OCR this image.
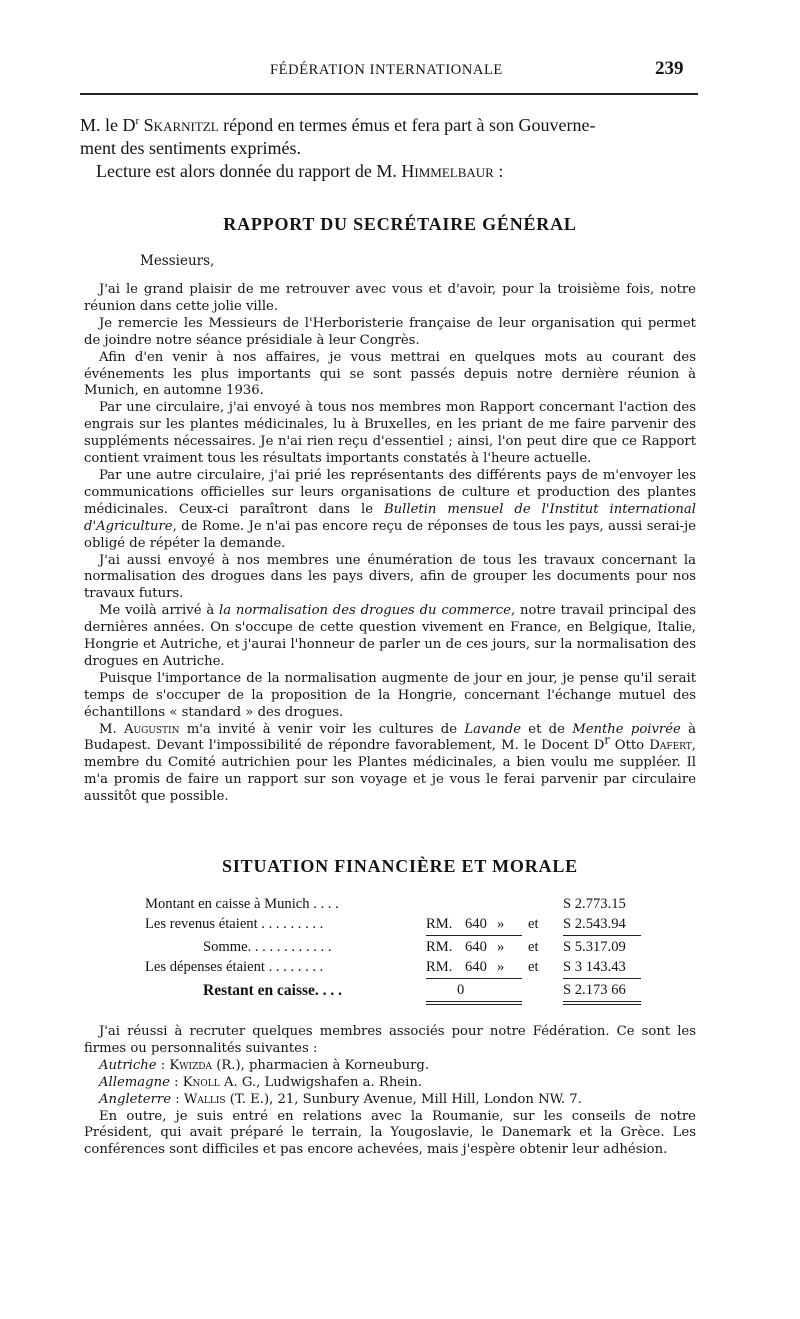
FÉDÉRATION INTERNATIONALE	239
M. le $D^r$ Skarnitzl répond en termes émus et fera part à son Gouverne-
ment des sentiments exprimés.
Lecture est alors donnée du rapport de M. Himmelbaur :
RAPPORT DU SECRÉTAIRE GÉNÉRAL
Messieurs,

J'ai le grand plaisir de me retrouver avec vous et d'avoir, pour la troisième fois, notre réunion dans cette jolie ville.

Je remercie les Messieurs de l'Herboristerie française de leur organisation qui permet de joindre notre séance présidiale à leur Congrès.

Afin d'en venir à nos affaires, je vous mettrai en quelques mots au courant des événements les plus importants qui se sont passés depuis notre dernière réunion à Munich, en automne 1936.

Par une circulaire, j'ai envoyé à tous nos membres mon Rapport concernant l'action des engrais sur les plantes médicinales, lu à Bruxelles, en les priant de me faire parvenir des suppléments nécessaires. Je n'ai rien reçu d'essentiel ; ainsi, l'on peut dire que ce Rapport contient vraiment tous les résultats importants constatés à l'heure actuelle.

Par une autre circulaire, j'ai prié les représentants des différents pays de m'envoyer les communications officielles sur leurs organisations de culture et production des plantes médicinales. Ceux-ci paraîtront dans le Bulletin mensuel de l'Institut international d'Agriculture, de Rome. Je n'ai pas encore reçu de réponses de tous les pays, aussi serai-je obligé de répéter la demande.

J'ai aussi envoyé à nos membres une énumération de tous les travaux concernant la normalisation des drogues dans les pays divers, afin de grouper les documents pour nos travaux futurs.

Me voilà arrivé à la normalisation des drogues du commerce, notre travail principal des dernières années. On s'occupe de cette question vivement en France, en Belgique, Italie, Hongrie et Autriche, et j'aurai l'honneur de parler un de ces jours, sur la normalisation des drogues en Autriche.

Puisque l'importance de la normalisation augmente de jour en jour, je pense qu'il serait temps de s'occuper de la proposition de la Hongrie, concernant l'échange mutuel des échantillons « standard » des drogues.

M. Augustin m'a invité à venir voir les cultures de Lavande et de Menthe poivrée à Budapest. Devant l'impossibilité de répondre favorablement, M. le Docent $D^r$ Otto Dafert, membre du Comité autrichien pour les Plantes médicinales, a bien voulu me suppléer. Il m'a promis de faire un rapport sur son voyage et je vous le ferai parvenir par circulaire aussitôt que possible.

SITUATION FINANCIÈRE ET MORALE
Montant en caisse à Munich . . . .	S 2.773.15
Les revenus étaient . . . . . . . . .	RM. 640 » et S 2.543.94
Somme. . . . . . . . . . . .	RM. 640 » et S 5.317.09
Les dépenses étaient . . . . . . . .	RM. 640 » et S 3 143.43
Restant en caisse. . . .	0	S 2.173 66

J'ai réussi à recruter quelques membres associés pour notre Fédération. Ce sont les firmes ou personnalités suivantes :

Autriche : Kwizda (R.), pharmacien à Korneuburg.

Allemagne : Knoll A. G., Ludwigshafen a. Rhein.

Angleterre : Wallis (T. E.), 21, Sunbury Avenue, Mill Hill, London NW. 7.

En outre, je suis entré en relations avec la Roumanie, sur les conseils de notre Président, qui avait préparé le terrain, la Yougoslavie, le Danemark et la Grèce. Les conférences sont difficiles et pas encore achevées, mais j'espère obtenir leur adhésion.
